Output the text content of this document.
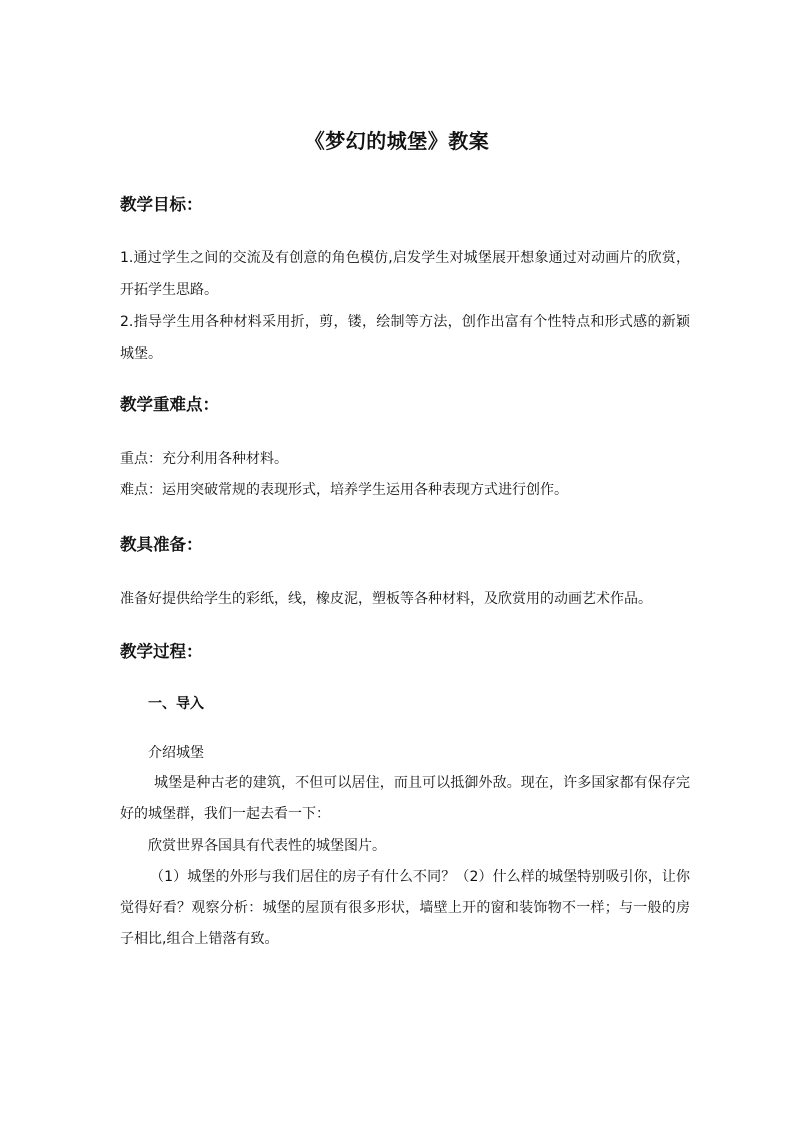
《梦幻的城堡》教案
教学目标：

1.通过学生之间的交流及有创意的角色模仿,启发学生对城堡展开想象通过对动画片的欣赏，开拓学生思路。

2.指导学生用各种材料采用折，剪，镂，绘制等方法，创作出富有个性特点和形式感的新颖城堡。

教学重难点：

重点：充分利用各种材料。

难点：运用突破常规的表现形式，培养学生运用各种表现方式进行创作。

教具准备：

准备好提供给学生的彩纸，线，橡皮泥，塑板等各种材料，及欣赏用的动画艺术作品。

教学过程：
一、导入

介绍城堡

城堡是种古老的建筑，不但可以居住，而且可以抵御外敌。现在，许多国家都有保存完好的城堡群，我们一起去看一下：

欣赏世界各国具有代表性的城堡图片。

（1）城堡的外形与我们居住的房子有什么不同？（2）什么样的城堡特别吸引你，让你觉得好看？观察分析：城堡的屋顶有很多形状，墙壁上开的窗和装饰物不一样；与一般的房子相比,组合上错落有致。
